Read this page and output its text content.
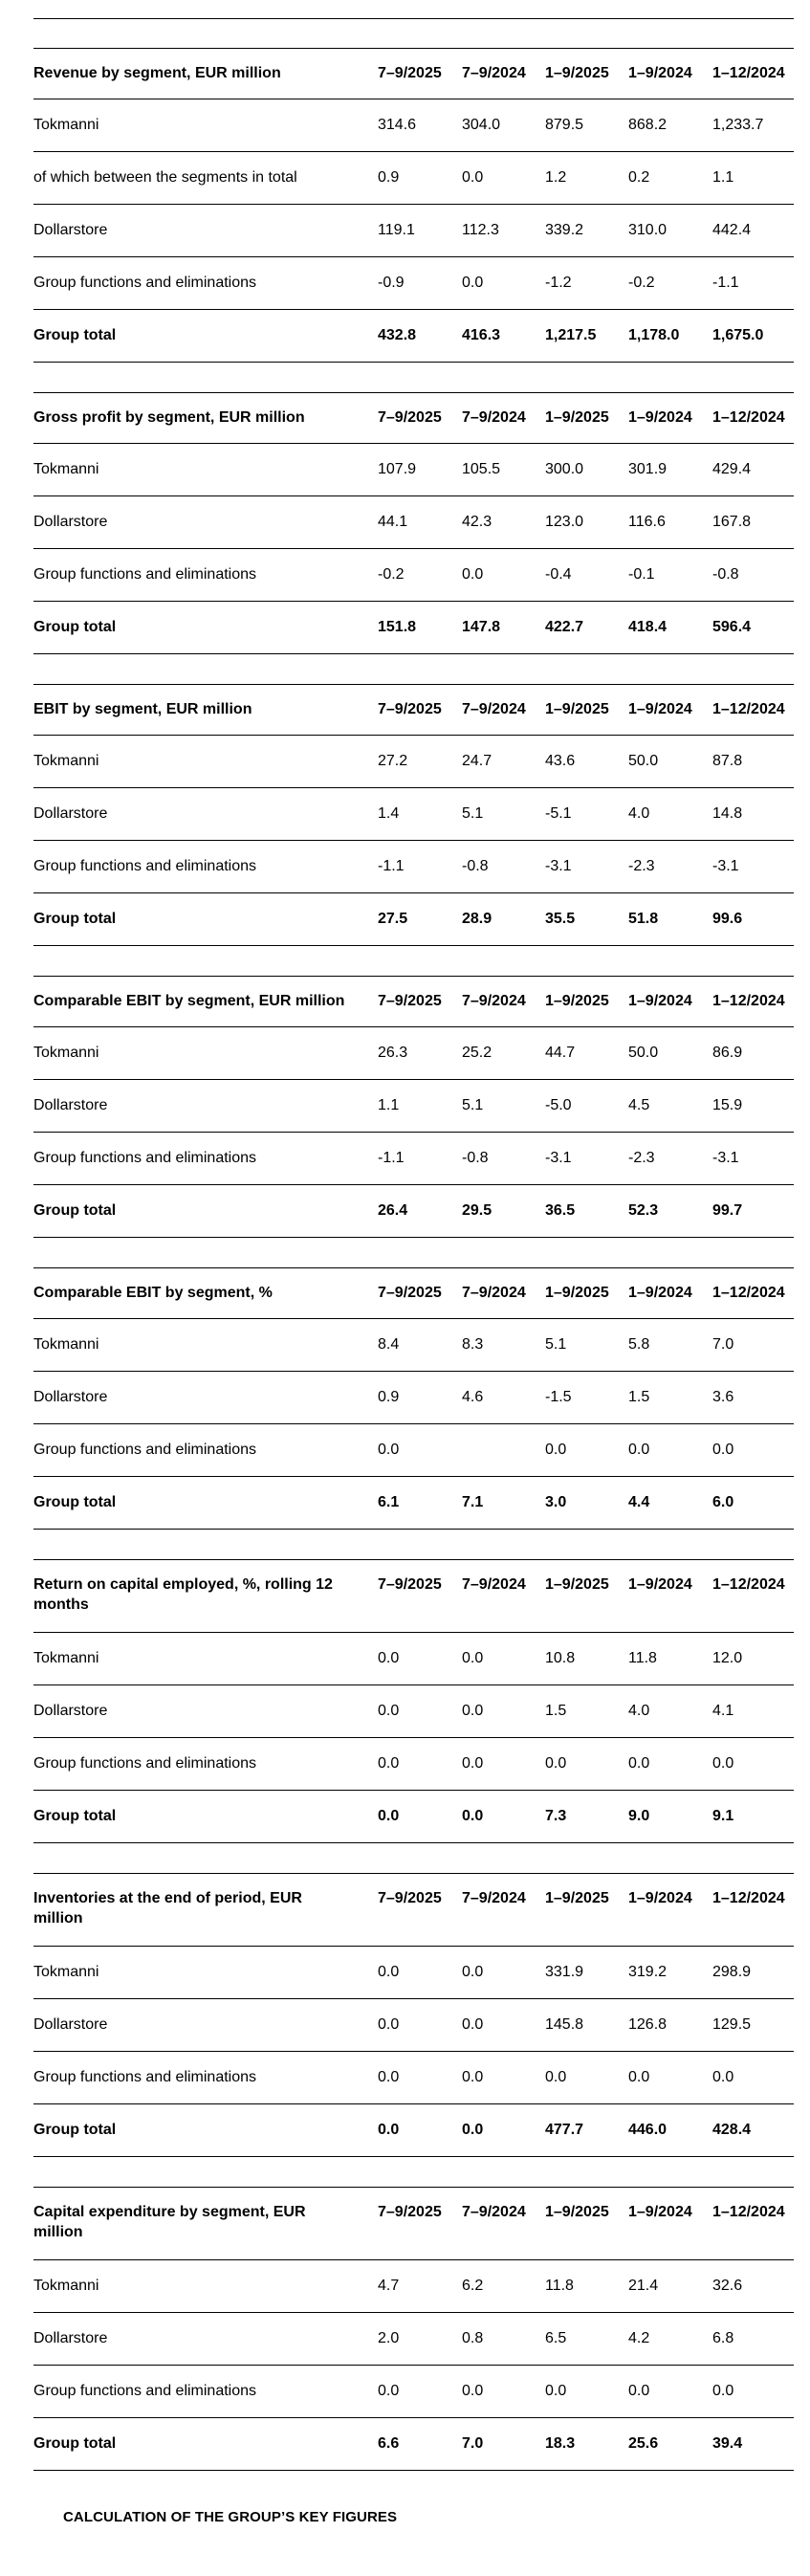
Revenue by segment, EUR million	7–9/2025	7–9/2024	1–9/2025	1–9/2024	1–12/2024
Tokmanni	314.6	304.0	879.5	868.2	1,233.7
of which between the segments in total	0.9	0.0	1.2	0.2	1.1
Dollarstore	119.1	112.3	339.2	310.0	442.4
Group functions and eliminations	-0.9	0.0	-1.2	-0.2	-1.1
Group total	432.8	416.3	1,217.5	1,178.0	1,675.0
Gross profit by segment, EUR million	7–9/2025	7–9/2024	1–9/2025	1–9/2024	1–12/2024
Tokmanni	107.9	105.5	300.0	301.9	429.4
Dollarstore	44.1	42.3	123.0	116.6	167.8
Group functions and eliminations	-0.2	0.0	-0.4	-0.1	-0.8
Group total	151.8	147.8	422.7	418.4	596.4
EBIT by segment, EUR million	7–9/2025	7–9/2024	1–9/2025	1–9/2024	1–12/2024
Tokmanni	27.2	24.7	43.6	50.0	87.8
Dollarstore	1.4	5.1	-5.1	4.0	14.8
Group functions and eliminations	-1.1	-0.8	-3.1	-2.3	-3.1
Group total	27.5	28.9	35.5	51.8	99.6
Comparable EBIT by segment, EUR million	7–9/2025	7–9/2024	1–9/2025	1–9/2024	1–12/2024
Tokmanni	26.3	25.2	44.7	50.0	86.9
Dollarstore	1.1	5.1	-5.0	4.5	15.9
Group functions and eliminations	-1.1	-0.8	-3.1	-2.3	-3.1
Group total	26.4	29.5	36.5	52.3	99.7
Comparable EBIT by segment, %	7–9/2025	7–9/2024	1–9/2025	1–9/2024	1–12/2024
Tokmanni	8.4	8.3	5.1	5.8	7.0
Dollarstore	0.9	4.6	-1.5	1.5	3.6
Group functions and eliminations	0.0		0.0	0.0	0.0
Group total	6.1	7.1	3.0	4.4	6.0
Return on capital employed, %, rolling 12
months	7–9/2025	7–9/2024	1–9/2025	1–9/2024	1–12/2024
Tokmanni	0.0	0.0	10.8	11.8	12.0
Dollarstore	0.0	0.0	1.5	4.0	4.1
Group functions and eliminations	0.0	0.0	0.0	0.0	0.0
Group total	0.0	0.0	7.3	9.0	9.1
Inventories at the end of period, EUR
million	7–9/2025	7–9/2024	1–9/2025	1–9/2024	1–12/2024
Tokmanni	0.0	0.0	331.9	319.2	298.9
Dollarstore	0.0	0.0	145.8	126.8	129.5
Group functions and eliminations	0.0	0.0	0.0	0.0	0.0
Group total	0.0	0.0	477.7	446.0	428.4
Capital expenditure by segment, EUR
million	7–9/2025	7–9/2024	1–9/2025	1–9/2024	1–12/2024
Tokmanni	4.7	6.2	11.8	21.4	32.6
Dollarstore	2.0	0.8	6.5	4.2	6.8
Group functions and eliminations	0.0	0.0	0.0	0.0	0.0
Group total	6.6	7.0	18.3	25.6	39.4
CALCULATION OF THE GROUP’S KEY FIGURES
